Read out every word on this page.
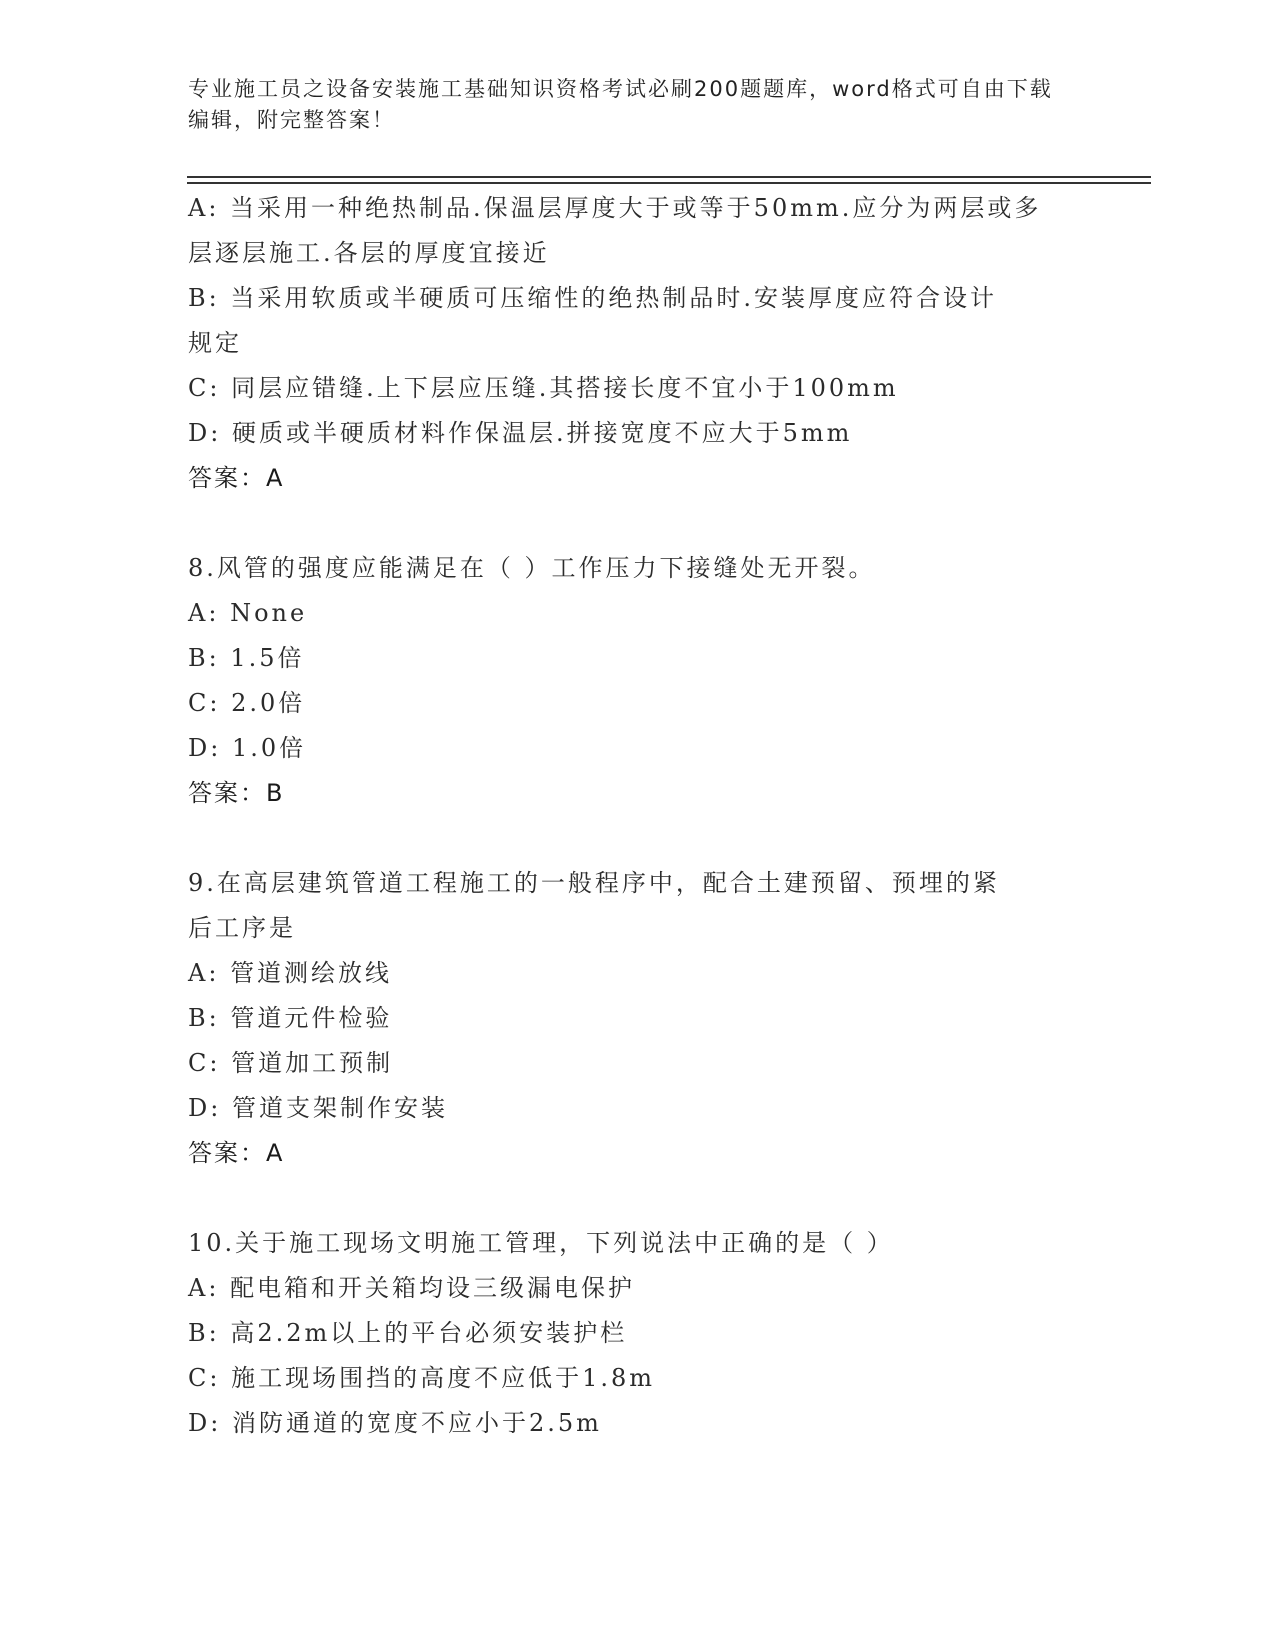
专业施工员之设备安装施工基础知识资格考试必刷200题题库，word格式可自由下载编辑，附完整答案！
A: 当采用一种绝热制品.保温层厚度大于或等于50mm.应分为两层或多
层逐层施工.各层的厚度宜接近
B: 当采用软质或半硬质可压缩性的绝热制品时.安装厚度应符合设计
规定
C: 同层应错缝.上下层应压缝.其搭接长度不宜小于100mm
D: 硬质或半硬质材料作保温层.拼接宽度不应大于5mm
答案：A
8.风管的强度应能满足在（ ）工作压力下接缝处无开裂。
A: None
B: 1.5倍
C: 2.0倍
D: 1.0倍
答案：B
9.在高层建筑管道工程施工的一般程序中，配合土建预留、预埋的紧
后工序是
A: 管道测绘放线
B: 管道元件检验
C: 管道加工预制
D: 管道支架制作安装
答案：A
10.关于施工现场文明施工管理，下列说法中正确的是（ ）
A: 配电箱和开关箱均设三级漏电保护
B: 高2.2m以上的平台必须安装护栏
C: 施工现场围挡的高度不应低于1.8m
D: 消防通道的宽度不应小于2.5m
